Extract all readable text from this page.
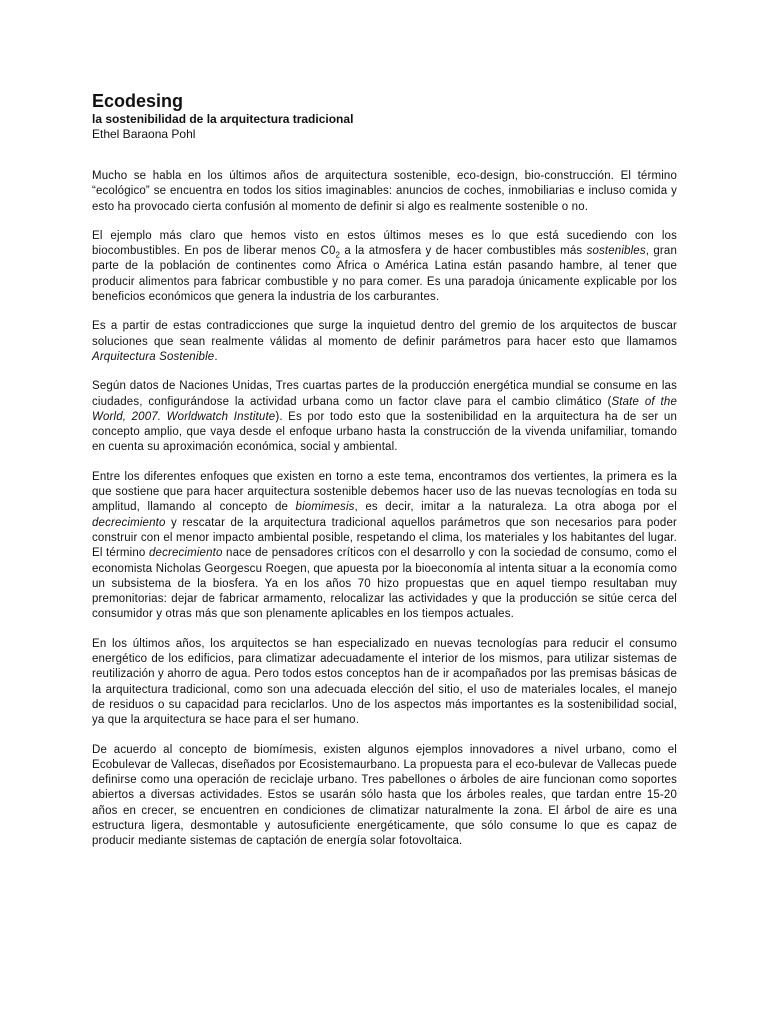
Ecodesing

la sostenibilidad de la arquitectura tradicional

Ethel Baraona Pohl

Mucho se habla en los últimos años de arquitectura sostenible, eco-design, bio-construcción. El término “ecológico” se encuentra en todos los sitios imaginables: anuncios de coches, inmobiliarias e incluso comida y esto ha provocado cierta confusión al momento de definir si algo es realmente sostenible o no.

El ejemplo más claro que hemos visto en estos últimos meses es lo que está sucediendo con los biocombustibles. En pos de liberar menos $C0_2$ a la atmosfera y de hacer combustibles más sostenibles, gran parte de la población de continentes como Africa o América Latina están pasando hambre, al tener que producir alimentos para fabricar combustible y no para comer. Es una paradoja únicamente explicable por los beneficios económicos que genera la industria de los carburantes.

Es a partir de estas contradicciones que surge la inquietud dentro del gremio de los arquitectos de buscar soluciones que sean realmente válidas al momento de definir parámetros para hacer esto que llamamos Arquitectura Sostenible.

Según datos de Naciones Unidas, Tres cuartas partes de la producción energética mundial se consume en las ciudades, configurándose la actividad urbana como un factor clave para el cambio climático (State of the World, 2007. Worldwatch Institute). Es por todo esto que la sostenibilidad en la arquitectura ha de ser un concepto amplio, que vaya desde el enfoque urbano hasta la construcción de la vivenda unifamiliar, tomando en cuenta su aproximación económica, social y ambiental.

Entre los diferentes enfoques que existen en torno a este tema, encontramos dos vertientes, la primera es la que sostiene que para hacer arquitectura sostenible debemos hacer uso de las nuevas tecnologías en toda su amplitud, llamando al concepto de biomimesis, es decir, imitar a la naturaleza. La otra aboga por el decrecimiento y rescatar de la arquitectura tradicional aquellos parámetros que son necesarios para poder construir con el menor impacto ambiental posible, respetando el clima, los materiales y los habitantes del lugar. El término decrecimiento nace de pensadores críticos con el desarrollo y con la sociedad de consumo, como el economista Nicholas Georgescu Roegen, que apuesta por la bioeconomía al intenta situar a la economía como un subsistema de la biosfera. Ya en los años 70 hizo propuestas que en aquel tiempo resultaban muy premonitorias: dejar de fabricar armamento, relocalizar las actividades y que la producción se sitúe cerca del consumidor y otras más que son plenamente aplicables en los tiempos actuales.

En los últimos años, los arquitectos se han especializado en nuevas tecnologías para reducir el consumo energético de los edificios, para climatizar adecuadamente el interior de los mismos, para utilizar sistemas de reutilización y ahorro de agua. Pero todos estos conceptos han de ir acompañados por las premisas básicas de la arquitectura tradicional, como son una adecuada elección del sitio, el uso de materiales locales, el manejo de residuos o su capacidad para reciclarlos. Uno de los aspectos más importantes es la sostenibilidad social, ya que la arquitectura se hace para el ser humano.

De acuerdo al concepto de biomímesis, existen algunos ejemplos innovadores a nivel urbano, como el Ecobulevar de Vallecas, diseñados por Ecosistemaurbano. La propuesta para el eco-bulevar de Vallecas puede definirse como una operación de reciclaje urbano. Tres pabellones o árboles de aire funcionan como soportes abiertos a diversas actividades. Estos se usarán sólo hasta que los árboles reales, que tardan entre 15-20 años en crecer, se encuentren en condiciones de climatizar naturalmente la zona. El árbol de aire es una estructura ligera, desmontable y autosuficiente energéticamente, que sólo consume lo que es capaz de producir mediante sistemas de captación de energía solar fotovoltaica.
